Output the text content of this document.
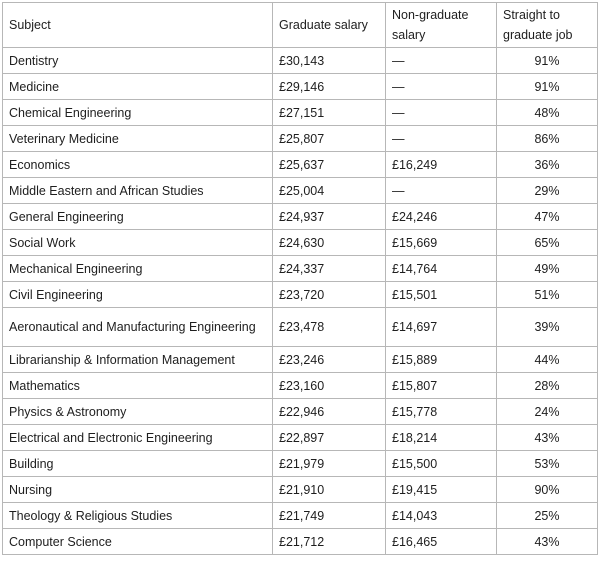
Subject	Graduate salary	Non-graduate salary	Straight to graduate job
Dentistry	£30,143	—	91%
Medicine	£29,146	—	91%
Chemical Engineering	£27,151	—	48%
Veterinary Medicine	£25,807	—	86%
Economics	£25,637	£16,249	36%
Middle Eastern and African Studies	£25,004	—	29%
General Engineering	£24,937	£24,246	47%
Social Work	£24,630	£15,669	65%
Mechanical Engineering	£24,337	£14,764	49%
Civil Engineering	£23,720	£15,501	51%
Aeronautical and Manufacturing Engineering	£23,478	£14,697	39%
Librarianship & Information Management	£23,246	£15,889	44%
Mathematics	£23,160	£15,807	28%
Physics & Astronomy	£22,946	£15,778	24%
Electrical and Electronic Engineering	£22,897	£18,214	43%
Building	£21,979	£15,500	53%
Nursing	£21,910	£19,415	90%
Theology & Religious Studies	£21,749	£14,043	25%
Computer Science	£21,712	£16,465	43%
